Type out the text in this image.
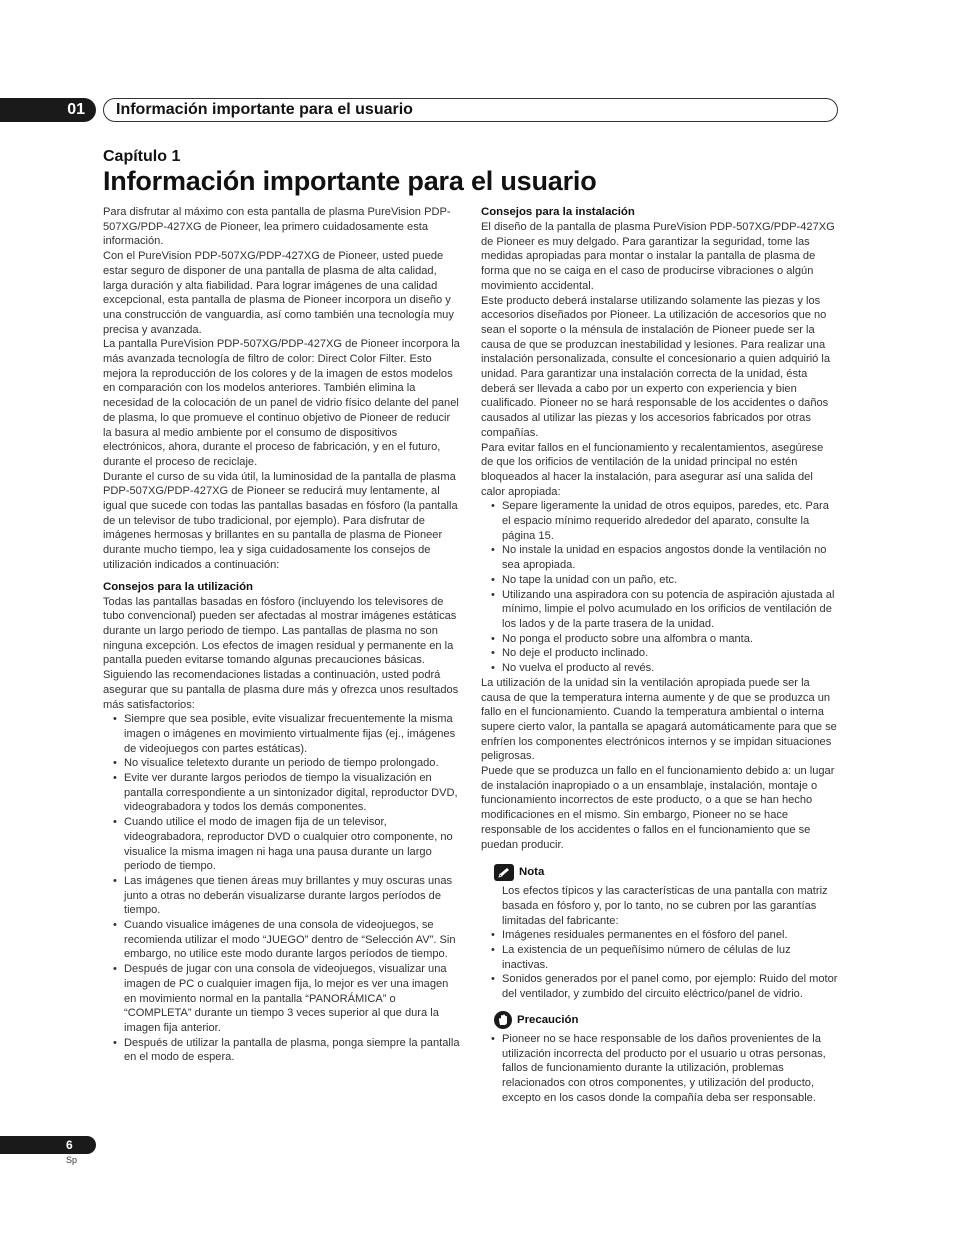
01	Información importante para el usuario
Capítulo 1
Información importante para el usuario

Para disfrutar al máximo con esta pantalla de plasma PureVision PDP-507XG/PDP-427XG de Pioneer, lea primero cuidadosamente esta información.

Con el PureVision PDP-507XG/PDP-427XG de Pioneer, usted puede estar seguro de disponer de una pantalla de plasma de alta calidad, larga duración y alta fiabilidad. Para lograr imágenes de una calidad excepcional, esta pantalla de plasma de Pioneer incorpora un diseño y una construcción de vanguardia, así como también una tecnología muy precisa y avanzada.

La pantalla PureVision PDP-507XG/PDP-427XG de Pioneer incorpora la más avanzada tecnología de filtro de color: Direct Color Filter. Esto mejora la reproducción de los colores y de la imagen de estos modelos en comparación con los modelos anteriores. También elimina la necesidad de la colocación de un panel de vidrio físico delante del panel de plasma, lo que promueve el continuo objetivo de Pioneer de reducir la basura al medio ambiente por el consumo de dispositivos electrónicos, ahora, durante el proceso de fabricación, y en el futuro, durante el proceso de reciclaje.

Durante el curso de su vida útil, la luminosidad de la pantalla de plasma PDP-507XG/PDP-427XG de Pioneer se reducirá muy lentamente, al igual que sucede con todas las pantallas basadas en fósforo (la pantalla de un televisor de tubo tradicional, por ejemplo). Para disfrutar de imágenes hermosas y brillantes en su pantalla de plasma de Pioneer durante mucho tiempo, lea y siga cuidadosamente los consejos de utilización indicados a continuación:

Consejos para la utilización

Todas las pantallas basadas en fósforo (incluyendo los televisores de tubo convencional) pueden ser afectadas al mostrar imágenes estáticas durante un largo periodo de tiempo. Las pantallas de plasma no son ninguna excepción. Los efectos de imagen residual y permanente en la pantalla pueden evitarse tomando algunas precauciones básicas. Siguiendo las recomendaciones listadas a continuación, usted podrá asegurar que su pantalla de plasma dure más y ofrezca unos resultados más satisfactorios:

• Siempre que sea posible, evite visualizar frecuentemente la misma imagen o imágenes en movimiento virtualmente fijas (ej., imágenes de videojuegos con partes estáticas).
• No visualice teletexto durante un periodo de tiempo prolongado.
• Evite ver durante largos periodos de tiempo la visualización en pantalla correspondiente a un sintonizador digital, reproductor DVD, videograbadora y todos los demás componentes.
• Cuando utilice el modo de imagen fija de un televisor, videograbadora, reproductor DVD o cualquier otro componente, no visualice la misma imagen ni haga una pausa durante un largo periodo de tiempo.
• Las imágenes que tienen áreas muy brillantes y muy oscuras unas junto a otras no deberán visualizarse durante largos períodos de tiempo.
• Cuando visualice imágenes de una consola de videojuegos, se recomienda utilizar el modo “JUEGO” dentro de “Selección AV”. Sin embargo, no utilice este modo durante largos períodos de tiempo.
• Después de jugar con una consola de videojuegos, visualizar una imagen de PC o cualquier imagen fija, lo mejor es ver una imagen en movimiento normal en la pantalla “PANORÁMICA” o “COMPLETA” durante un tiempo 3 veces superior al que dura la imagen fija anterior.
• Después de utilizar la pantalla de plasma, ponga siempre la pantalla en el modo de espera.
Consejos para la instalación

El diseño de la pantalla de plasma PureVision PDP-507XG/PDP-427XG de Pioneer es muy delgado. Para garantizar la seguridad, tome las medidas apropiadas para montar o instalar la pantalla de plasma de forma que no se caiga en el caso de producirse vibraciones o algún movimiento accidental.

Este producto deberá instalarse utilizando solamente las piezas y los accesorios diseñados por Pioneer. La utilización de accesorios que no sean el soporte o la ménsula de instalación de Pioneer puede ser la causa de que se produzcan inestabilidad y lesiones. Para realizar una instalación personalizada, consulte el concesionario a quien adquirió la unidad. Para garantizar una instalación correcta de la unidad, ésta deberá ser llevada a cabo por un experto con experiencia y bien cualificado. Pioneer no se hará responsable de los accidentes o daños causados al utilizar las piezas y los accesorios fabricados por otras compañías.

Para evitar fallos en el funcionamiento y recalentamientos, asegúrese de que los orificios de ventilación de la unidad principal no estén bloqueados al hacer la instalación, para asegurar así una salida del calor apropiada:

• Separe ligeramente la unidad de otros equipos, paredes, etc. Para el espacio mínimo requerido alrededor del aparato, consulte la página 15.
• No instale la unidad en espacios angostos donde la ventilación no sea apropiada.
• No tape la unidad con un paño, etc.
• Utilizando una aspiradora con su potencia de aspiración ajustada al mínimo, limpie el polvo acumulado en los orificios de ventilación de los lados y de la parte trasera de la unidad.
• No ponga el producto sobre una alfombra o manta.
• No deje el producto inclinado.
• No vuelva el producto al revés.

La utilización de la unidad sin la ventilación apropiada puede ser la causa de que la temperatura interna aumente y de que se produzca un fallo en el funcionamiento. Cuando la temperatura ambiental o interna supere cierto valor, la pantalla se apagará automáticamente para que se enfríen los componentes electrónicos internos y se impidan situaciones peligrosas.

Puede que se produzca un fallo en el funcionamiento debido a: un lugar de instalación inapropiado o a un ensamblaje, instalación, montaje o funcionamiento incorrectos de este producto, o a que se han hecho modificaciones en el mismo. Sin embargo, Pioneer no se hace responsable de los accidentes o fallos en el funcionamiento que se puedan producir.

Nota

Los efectos típicos y las características de una pantalla con matriz basada en fósforo y, por lo tanto, no se cubren por las garantías limitadas del fabricante:

• Imágenes residuales permanentes en el fósforo del panel.
• La existencia de un pequeñísimo número de células de luz inactivas.
• Sonidos generados por el panel como, por ejemplo: Ruido del motor del ventilador, y zumbido del circuito eléctrico/panel de vidrio.
Precaución
• Pioneer no se hace responsable de los daños provenientes de la utilización incorrecta del producto por el usuario u otras personas, fallos de funcionamiento durante la utilización, problemas relacionados con otros componentes, y utilización del producto, excepto en los casos donde la compañía deba ser responsable.
6
Sp
